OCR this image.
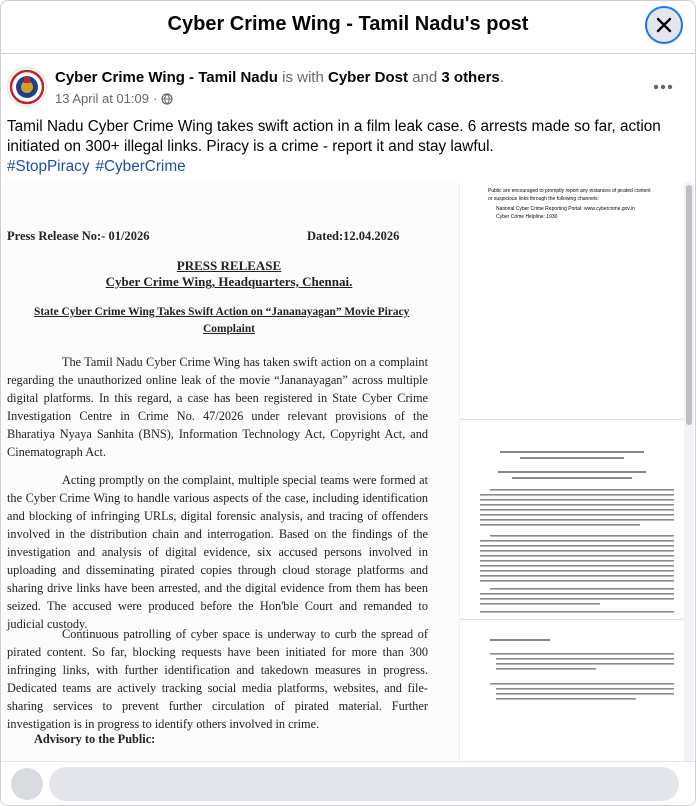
Cyber Crime Wing - Tamil Nadu's post
Cyber Crime Wing - Tamil Nadu is with Cyber Dost and 3 others.
13 April at 01:09 ·
Tamil Nadu Cyber Crime Wing takes swift action in a film leak case. 6 arrests made so far, action initiated on 300+ illegal links. Piracy is a crime - report it and stay lawful.
#StopPiracy #CyberCrime
Press Release No:- 01/2026	Dated:12.04.2026
PRESS RELEASE
Cyber Crime Wing, Headquarters, Chennai.
State Cyber Crime Wing Takes Swift Action on “Jananayagan” Movie Piracy
Complaint

The Tamil Nadu Cyber Crime Wing has taken swift action on a complaint regarding the unauthorized online leak of the movie “Jananayagan” across multiple digital platforms. In this regard, a case has been registered in State Cyber Crime Investigation Centre in Crime No. 47/2026 under relevant provisions of the Bharatiya Nyaya Sanhita (BNS), Information Technology Act, Copyright Act, and Cinematograph Act.

Acting promptly on the complaint, multiple special teams were formed at the Cyber Crime Wing to handle various aspects of the case, including identification and blocking of infringing URLs, digital forensic analysis, and tracing of offenders involved in the distribution chain and interrogation. Based on the findings of the investigation and analysis of digital evidence, six accused persons involved in uploading and disseminating pirated copies through cloud storage platforms and sharing drive links have been arrested, and the digital evidence from them has been seized. The accused were produced before the Hon'ble Court and remanded to judicial custody.

Continuous patrolling of cyber space is underway to curb the spread of pirated content. So far, blocking requests have been initiated for more than 300 infringing links, with further identification and takedown measures in progress. Dedicated teams are actively tracking social media platforms, websites, and file-sharing services to prevent further circulation of pirated material. Further investigation is in progress to identify others involved in crime.

Advisory to the Public:
Public are encouraged to promptly report any instances of pirated content
or suspicious links through the following channels:
National Cyber Crime Reporting Portal: www.cybercrime.gov.in
Cyber Crime Helpline: 1930
